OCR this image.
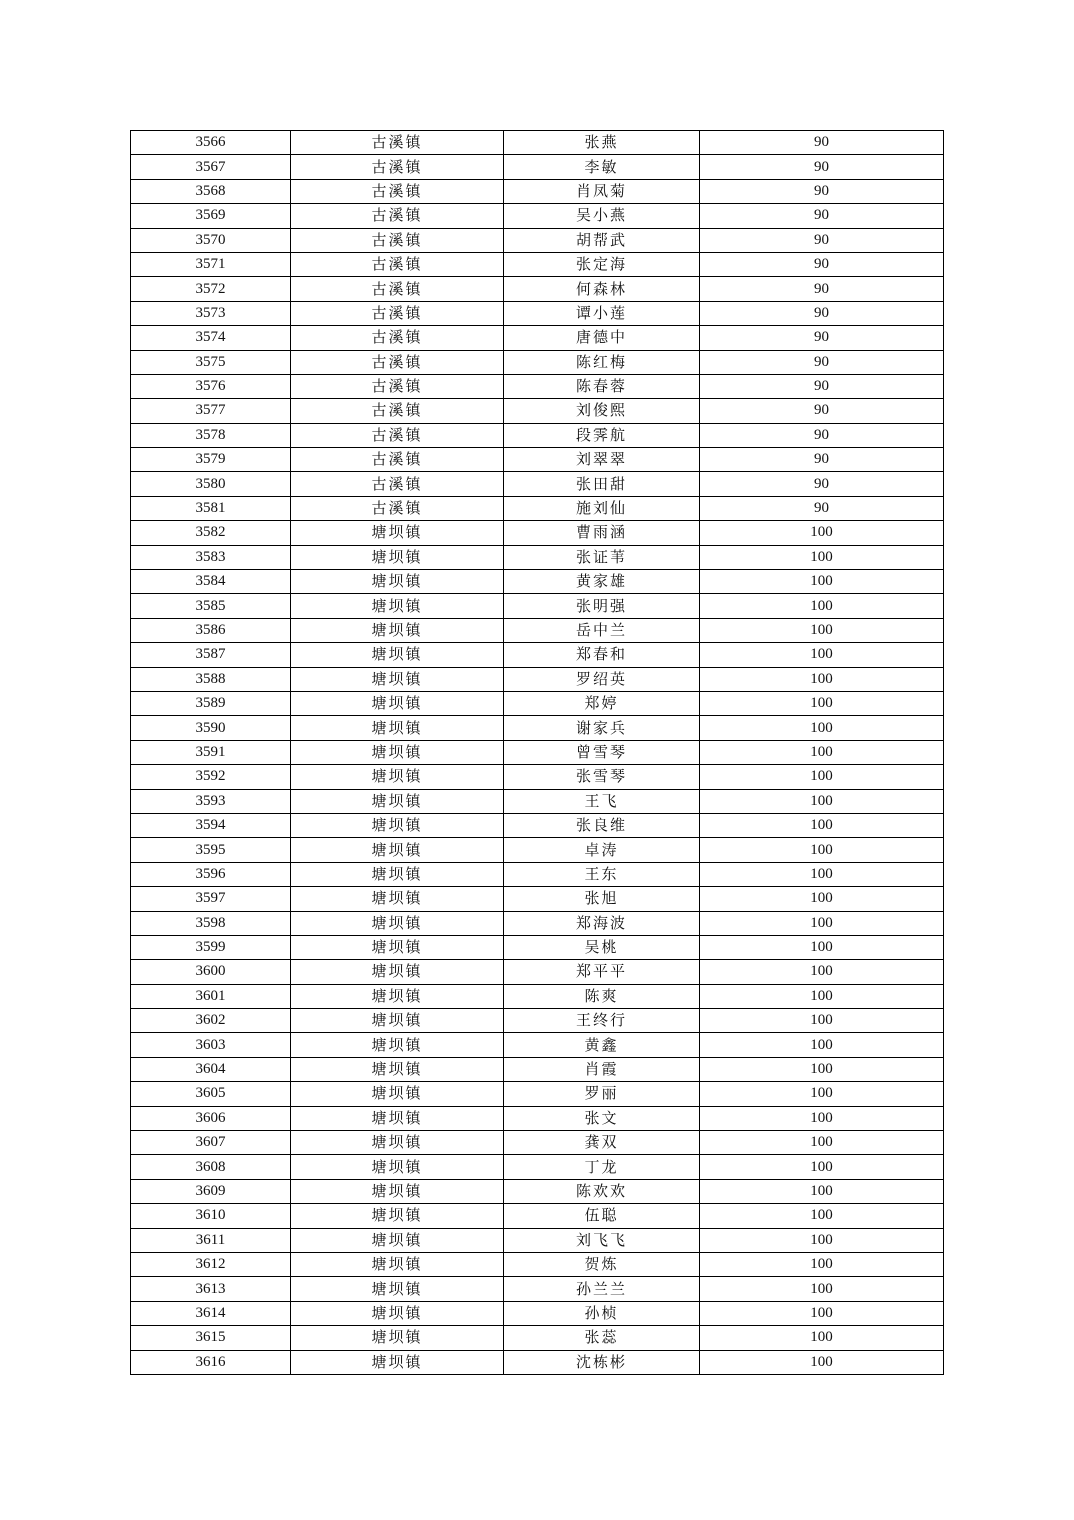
3566	古溪镇	张燕	90
3567	古溪镇	李敏	90
3568	古溪镇	肖凤菊	90
3569	古溪镇	吴小燕	90
3570	古溪镇	胡帮武	90
3571	古溪镇	张定海	90
3572	古溪镇	何森林	90
3573	古溪镇	谭小莲	90
3574	古溪镇	唐德中	90
3575	古溪镇	陈红梅	90
3576	古溪镇	陈春蓉	90
3577	古溪镇	刘俊熙	90
3578	古溪镇	段霁航	90
3579	古溪镇	刘翠翠	90
3580	古溪镇	张田甜	90
3581	古溪镇	施刘仙	90
3582	塘坝镇	曹雨涵	100
3583	塘坝镇	张证苇	100
3584	塘坝镇	黄家雄	100
3585	塘坝镇	张明强	100
3586	塘坝镇	岳中兰	100
3587	塘坝镇	郑春和	100
3588	塘坝镇	罗绍英	100
3589	塘坝镇	郑婷	100
3590	塘坝镇	谢家兵	100
3591	塘坝镇	曾雪琴	100
3592	塘坝镇	张雪琴	100
3593	塘坝镇	王飞	100
3594	塘坝镇	张良维	100
3595	塘坝镇	卓涛	100
3596	塘坝镇	王东	100
3597	塘坝镇	张旭	100
3598	塘坝镇	郑海波	100
3599	塘坝镇	吴桃	100
3600	塘坝镇	郑平平	100
3601	塘坝镇	陈爽	100
3602	塘坝镇	王终行	100
3603	塘坝镇	黄鑫	100
3604	塘坝镇	肖霞	100
3605	塘坝镇	罗丽	100
3606	塘坝镇	张文	100
3607	塘坝镇	龚双	100
3608	塘坝镇	丁龙	100
3609	塘坝镇	陈欢欢	100
3610	塘坝镇	伍聪	100
3611	塘坝镇	刘飞飞	100
3612	塘坝镇	贺炼	100
3613	塘坝镇	孙兰兰	100
3614	塘坝镇	孙桢	100
3615	塘坝镇	张蕊	100
3616	塘坝镇	沈栋彬	100
